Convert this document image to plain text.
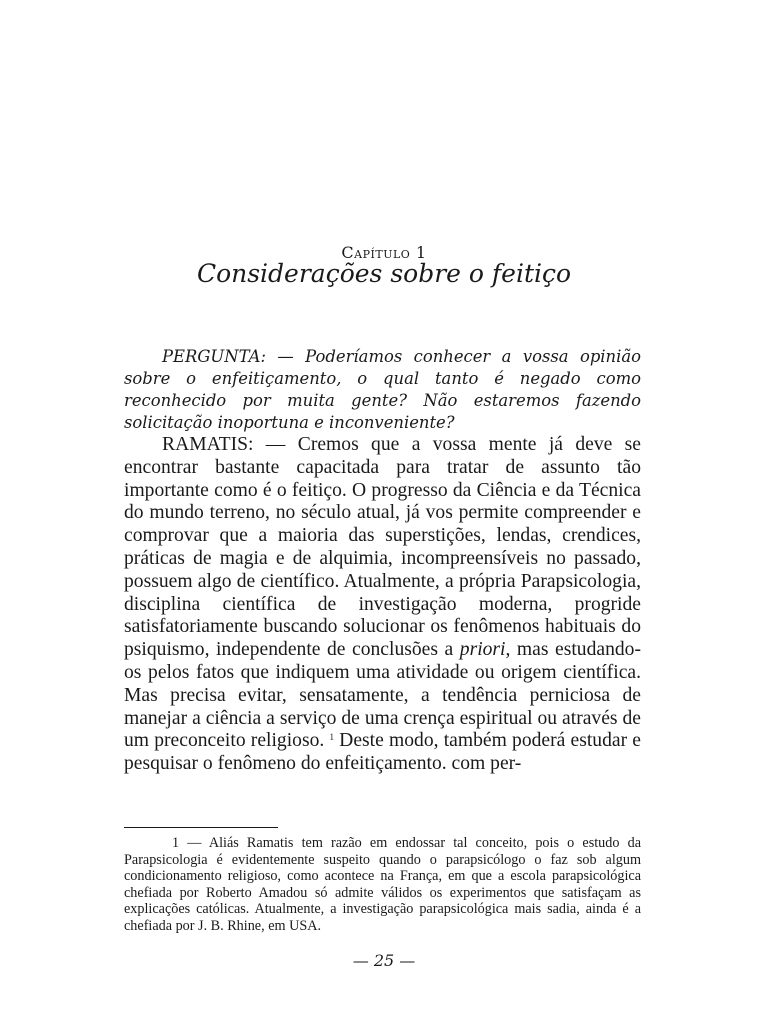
Capítulo 1
Considerações sobre o feitiço

PERGUNTA: — Poderíamos conhecer a vossa opinião sobre o enfeitiçamento, o qual tanto é negado como reconhecido por muita gente? Não estaremos fazendo solicitação inoportuna e inconveniente?

RAMATIS: — Cremos que a vossa mente já deve se encontrar bastante capacitada para tratar de assunto tão importante como é o feitiço. O progresso da Ciência e da Técnica do mundo terreno, no século atual, já vos permite compreender e comprovar que a maioria das superstições, lendas, crendices, práticas de magia e de alquimia, incompreensíveis no passado, possuem algo de científico. Atualmente, a própria Parapsicologia, disciplina científica de investigação moderna, progride satisfatoriamente buscando solucionar os fenômenos habituais do psiquismo, independente de conclusões a priori, mas estudando-os pelos fatos que indiquem uma atividade ou origem científica. Mas precisa evitar, sensatamente, a tendência perniciosa de manejar a ciência a serviço de uma crença espiritual ou através de um preconceito religioso. $^1$ Deste modo, também poderá estudar e pesquisar o fenômeno do enfeitiçamento. com per-

1 — Aliás Ramatis tem razão em endossar tal conceito, pois o estudo da Parapsicologia é evidentemente suspeito quando o parapsicólogo o faz sob algum condicionamento religioso, como acontece na França, em que a escola parapsicológica chefiada por Roberto Amadou só admite válidos os experimentos que satisfaçam as explicações católicas. Atualmente, a investigação parapsicológica mais sadia, ainda é a chefiada por J. B. Rhine, em USA.

— 25 —
